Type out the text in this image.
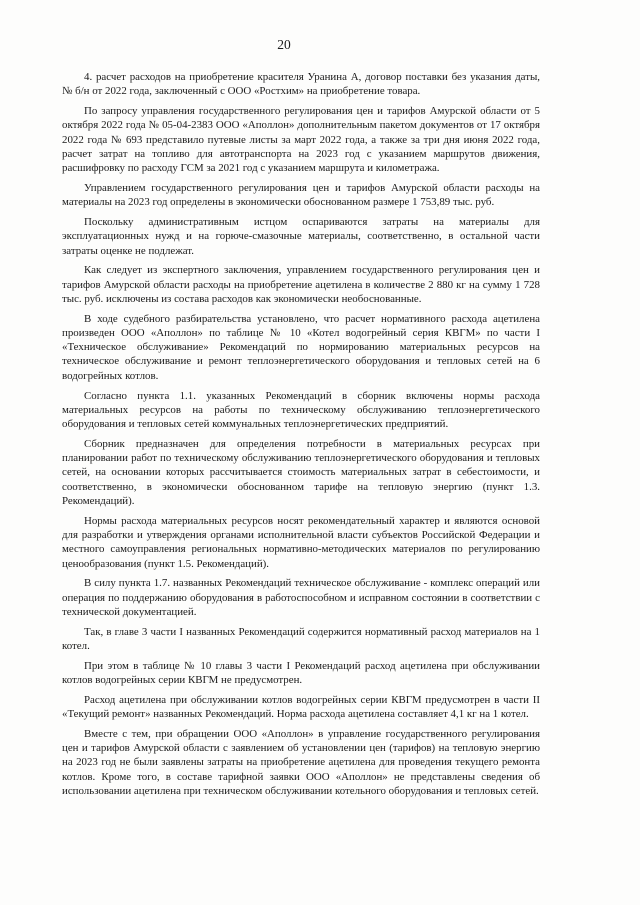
20

4. расчет расходов на приобретение красителя Уранина А, договор поставки без указания даты, № б/н от 2022 года, заключенный с ООО «Ростхим» на приобретение товара.

По запросу управления государственного регулирования цен и тарифов Амурской области от 5 октября 2022 года № 05-04-2383 ООО «Аполлон» дополнительным пакетом документов от 17 октября 2022 года № 693 представило путевые листы за март 2022 года, а также за три дня июня 2022 года, расчет затрат на топливо для автотранспорта на 2023 год с указанием маршрутов движения, расшифровку по расходу ГСМ за 2021 год с указанием маршрута и километража.

Управлением государственного регулирования цен и тарифов Амурской области расходы на материалы на 2023 год определены в экономически обоснованном размере 1 753,89 тыс. руб.

Поскольку административным истцом оспариваются затраты на материалы для эксплуатационных нужд и на горюче-смазочные материалы, соответственно, в остальной части затраты оценке не подлежат.

Как следует из экспертного заключения, управлением государственного регулирования цен и тарифов Амурской области расходы на приобретение ацетилена в количестве 2 880 кг на сумму 1 728 тыс. руб. исключены из состава расходов как экономически необоснованные.

В ходе судебного разбирательства установлено, что расчет нормативного расхода ацетилена произведен ООО «Аполлон» по таблице № 10 «Котел водогрейный серия КВГМ» по части I «Техническое обслуживание» Рекомендаций по нормированию материальных ресурсов на техническое обслуживание и ремонт теплоэнергетического оборудования и тепловых сетей на 6 водогрейных котлов.

Согласно пункта 1.1. указанных Рекомендаций в сборник включены нормы расхода материальных ресурсов на работы по техническому обслуживанию теплоэнергетического оборудования и тепловых сетей коммунальных теплоэнергетических предприятий.

Сборник предназначен для определения потребности в материальных ресурсах при планировании работ по техническому обслуживанию теплоэнергетического оборудования и тепловых сетей, на основании которых рассчитывается стоимость материальных затрат в себестоимости, и соответственно, в экономически обоснованном тарифе на тепловую энергию (пункт 1.3. Рекомендаций).

Нормы расхода материальных ресурсов носят рекомендательный характер и являются основой для разработки и утверждения органами исполнительной власти субъектов Российской Федерации и местного самоуправления региональных нормативно-методических материалов по регулированию ценообразования (пункт 1.5. Рекомендаций).

В силу пункта 1.7. названных Рекомендаций техническое обслуживание - комплекс операций или операция по поддержанию оборудования в работоспособном и исправном состоянии в соответствии с технической документацией.

Так, в главе 3 части I названных Рекомендаций содержится нормативный расход материалов на 1 котел.

При этом в таблице № 10 главы 3 части I Рекомендаций расход ацетилена при обслуживании котлов водогрейных серии КВГМ не предусмотрен.

Расход ацетилена при обслуживании котлов водогрейных серии КВГМ предусмотрен в части II «Текущий ремонт» названных Рекомендаций. Норма расхода ацетилена составляет 4,1 кг на 1 котел.

Вместе с тем, при обращении ООО «Аполлон» в управление государственного регулирования цен и тарифов Амурской области с заявлением об установлении цен (тарифов) на тепловую энергию на 2023 год не были заявлены затраты на приобретение ацетилена для проведения текущего ремонта котлов. Кроме того, в составе тарифной заявки ООО «Аполлон» не представлены сведения об использовании ацетилена при техническом обслуживании котельного оборудования и тепловых сетей.
